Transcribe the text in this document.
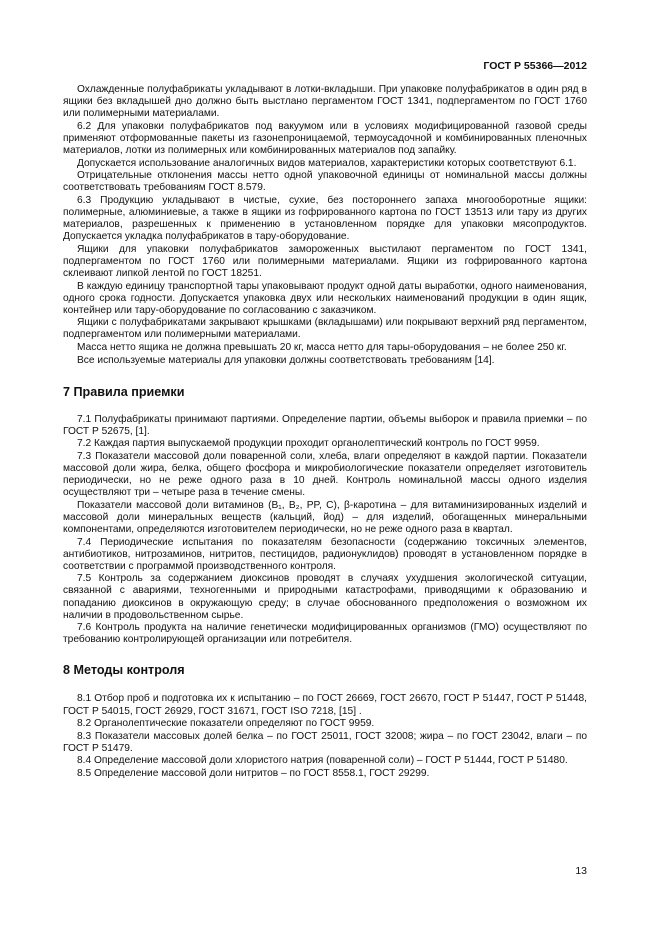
ГОСТ Р 55366—2012

Охлажденные полуфабрикаты укладывают в лотки-вкладыши. При упаковке полуфабрикатов в один ряд в ящики без вкладышей дно должно быть выстлано пергаментом ГОСТ 1341, подпергаментом по ГОСТ 1760 или полимерными материалами.

6.2 Для упаковки полуфабрикатов под вакуумом или в условиях модифицированной газовой среды применяют отформованные пакеты из газонепроницаемой, термоусадочной и комбинированных пленочных материалов, лотки из полимерных или комбинированных материалов под запайку.

Допускается использование аналогичных видов материалов, характеристики которых соответствуют 6.1.

Отрицательные отклонения массы нетто одной упаковочной единицы от номинальной массы должны соответствовать требованиям ГОСТ 8.579.

6.3 Продукцию укладывают в чистые, сухие, без постороннего запаха многооборотные ящики: полимерные, алюминиевые, а также в ящики из гофрированного картона по ГОСТ 13513 или тару из других материалов, разрешенных к применению в установленном порядке для упаковки мясопродуктов. Допускается укладка полуфабрикатов в тару-оборудование.

Ящики для упаковки полуфабрикатов замороженных выстилают пергаментом по ГОСТ 1341, подпергаментом по ГОСТ 1760 или полимерными материалами. Ящики из гофрированного картона склеивают липкой лентой по ГОСТ 18251.

В каждую единицу транспортной тары упаковывают продукт одной даты выработки, одного наименования, одного срока годности. Допускается упаковка двух или нескольких наименований продукции в один ящик, контейнер или тару-оборудование по согласованию с заказчиком.

Ящики с полуфабрикатами закрывают крышками (вкладышами) или покрывают верхний ряд пергаментом, подпергаментом или полимерными материалами.

Масса нетто ящика не должна превышать 20 кг, масса нетто для тары-оборудования – не более 250 кг.

Все используемые материалы для упаковки должны соответствовать требованиям [14].

7 Правила приемки

7.1 Полуфабрикаты принимают партиями. Определение партии, объемы выборок и правила приемки – по ГОСТ Р 52675, [1].

7.2 Каждая партия выпускаемой продукции проходит органолептический контроль по ГОСТ 9959.

7.3 Показатели массовой доли поваренной соли, хлеба, влаги определяют в каждой партии. Показатели массовой доли жира, белка, общего фосфора и микробиологические показатели определяет изготовитель периодически, но не реже одного раза в 10 дней. Контроль номинальной массы одного изделия осуществляют три – четыре раза в течение смены.

Показатели массовой доли витаминов (B₁, B₂, PP, C), β-каротина – для витаминизированных изделий и массовой доли минеральных веществ (кальций, йод) – для изделий, обогащенных минеральными компонентами, определяются изготовителем периодически, но не реже одного раза в квартал.

7.4 Периодические испытания по показателям безопасности (содержанию токсичных элементов, антибиотиков, нитрозаминов, нитритов, пестицидов, радионуклидов) проводят в установленном порядке в соответствии с программой производственного контроля.

7.5 Контроль за содержанием диоксинов проводят в случаях ухудшения экологической ситуации, связанной с авариями, техногенными и природными катастрофами, приводящими к образованию и попаданию диоксинов в окружающую среду; в случае обоснованного предположения о возможном их наличии в продовольственном сырье.

7.6 Контроль продукта на наличие генетически модифицированных организмов (ГМО) осуществляют по требованию контролирующей организации или потребителя.

8 Методы контроля

8.1 Отбор проб и подготовка их к испытанию – по ГОСТ 26669, ГОСТ 26670, ГОСТ Р 51447, ГОСТ Р 51448, ГОСТ Р 54015, ГОСТ 26929, ГОСТ 31671, ГОСТ ISO 7218, [15] .

8.2 Органолептические показатели определяют по ГОСТ 9959.

8.3 Показатели массовых долей белка – по ГОСТ 25011, ГОСТ 32008; жира – по ГОСТ 23042, влаги – по ГОСТ Р 51479.

8.4 Определение массовой доли хлористого натрия (поваренной соли) – ГОСТ Р 51444, ГОСТ Р 51480.

8.5 Определение массовой доли нитритов – по ГОСТ 8558.1, ГОСТ 29299.

13
